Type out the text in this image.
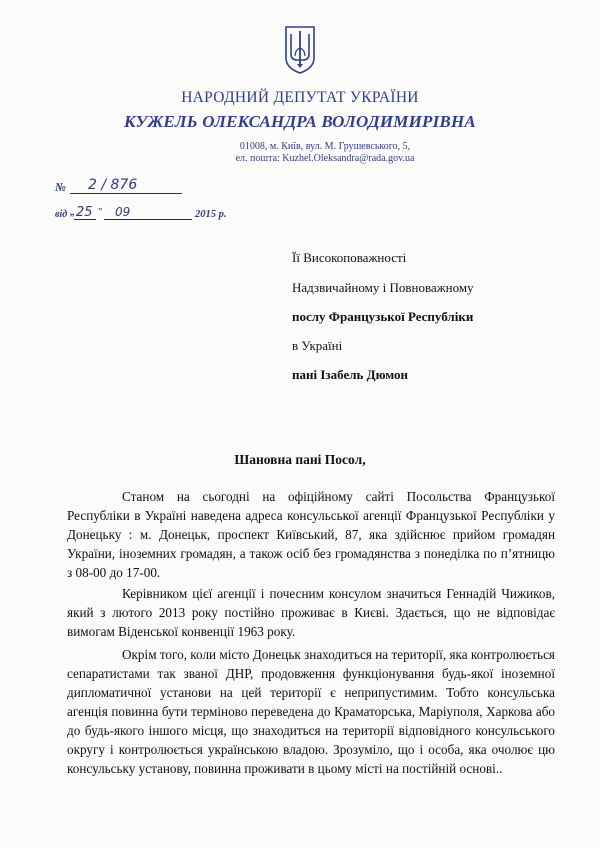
НАРОДНИЙ ДЕПУТАТ УКРАЇНИ
КУЖЕЛЬ ОЛЕКСАНДРА ВОЛОДИМИРІВНА
01008, м. Київ, вул. М. Грушевського, 5,
ел. пошта: Kuzhel.Oleksandra@rada.gov.ua
№ 2 / 876
від „ 25 " 09	2015 р.
Її Високоповажності
Надзвичайному і Повноважному
послу Французької Республіки
в Україні
пані Ізабель Дюмон
Шановна пані Посол,

Станом на сьогодні на офіційному сайті Посольства Французької Республіки в Україні наведена адреса консульської агенції Французької Республіки у Донецьку : м. Донецьк, проспект Київський, 87, яка здійснює прийом громадян України, іноземних громадян, а також осіб без громадянства з понеділка по п’ятницю з 08-00 до 17-00.

Керівником цієї агенції і почесним консулом значиться Геннадій Чижиков, який з лютого 2013 року постійно проживає в Києві. Здається, що не відповідає вимогам Віденської конвенції 1963 року.

Окрім того, коли місто Донецьк знаходиться на території, яка контролюється сепаратистами так званої ДНР, продовження функціонування будь-якої іноземної дипломатичної установи на цей території є неприпустимим. Тобто консульська агенція повинна бути терміново переведена до Краматорська, Маріуполя, Харкова або до будь-якого іншого місця, що знаходиться на території відповідного консульського округу і контролюється українською владою. Зрозуміло, що і особа, яка очолює цю консульську установу, повинна проживати в цьому місті на постійній основі..
